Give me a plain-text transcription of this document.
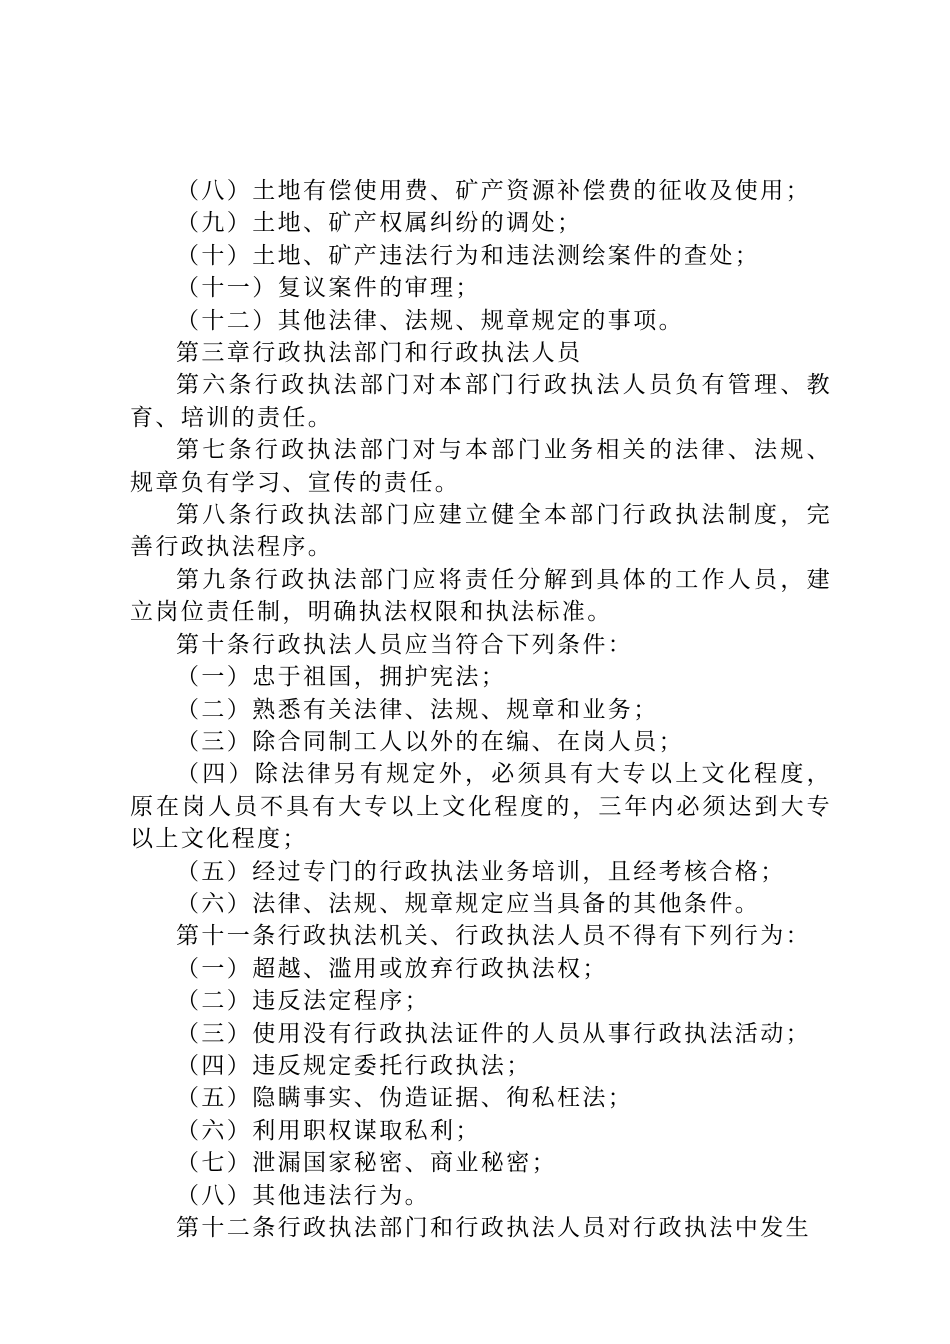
（八）土地有偿使用费、矿产资源补偿费的征收及使用；

（九）土地、矿产权属纠纷的调处；

（十）土地、矿产违法行为和违法测绘案件的查处；

（十一）复议案件的审理；

（十二）其他法律、法规、规章规定的事项。

第三章行政执法部门和行政执法人员

第六条行政执法部门对本部门行政执法人员负有管理、教育、培训的责任。

第七条行政执法部门对与本部门业务相关的法律、法规、规章负有学习、宣传的责任。

第八条行政执法部门应建立健全本部门行政执法制度，完善行政执法程序。

第九条行政执法部门应将责任分解到具体的工作人员，建立岗位责任制，明确执法权限和执法标准。

第十条行政执法人员应当符合下列条件：

（一）忠于祖国，拥护宪法；

（二）熟悉有关法律、法规、规章和业务；

（三）除合同制工人以外的在编、在岗人员；

（四）除法律另有规定外，必须具有大专以上文化程度，原在岗人员不具有大专以上文化程度的，三年内必须达到大专以上文化程度；

（五）经过专门的行政执法业务培训，且经考核合格；

（六）法律、法规、规章规定应当具备的其他条件。

第十一条行政执法机关、行政执法人员不得有下列行为：

（一）超越、滥用或放弃行政执法权；

（二）违反法定程序；

（三）使用没有行政执法证件的人员从事行政执法活动；

（四）违反规定委托行政执法；

（五）隐瞒事实、伪造证据、徇私枉法；

（六）利用职权谋取私利；

（七）泄漏国家秘密、商业秘密；

（八）其他违法行为。

第十二条行政执法部门和行政执法人员对行政执法中发生
